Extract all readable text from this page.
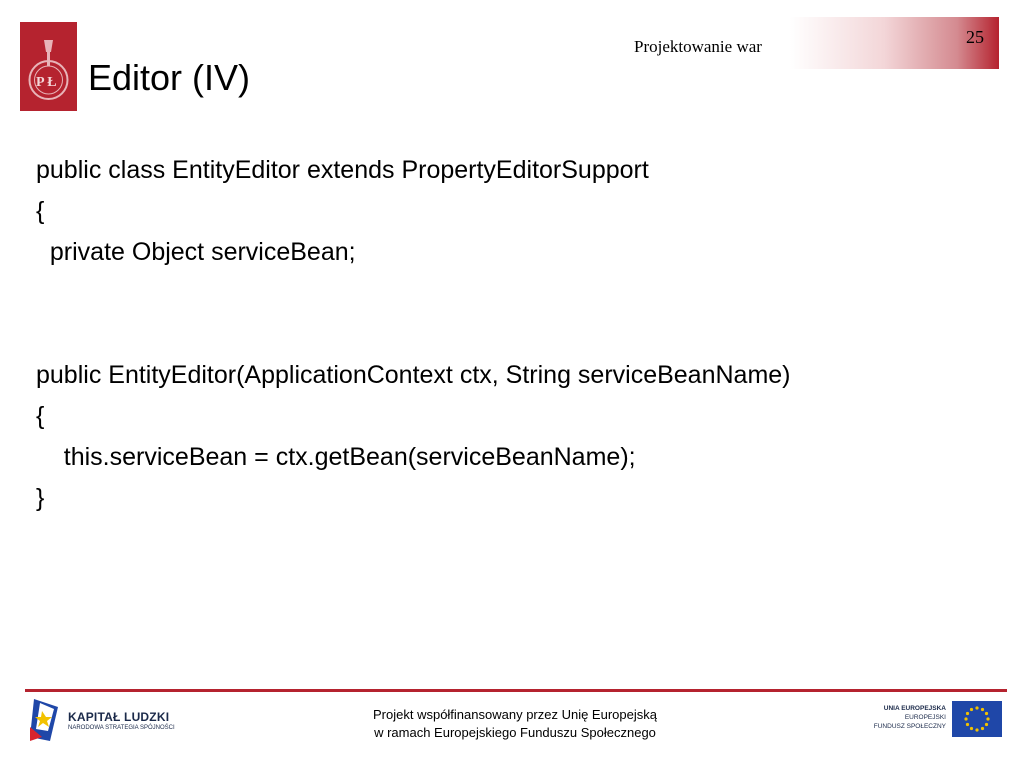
P Ł Editor (IV)
25
Projektowanie war
public class EntityEditor extends PropertyEditorSupport
{
private Object serviceBean;
public EntityEditor(ApplicationContext ctx, String serviceBeanName)
{
this.serviceBean = ctx.getBean(serviceBeanName);
}
KAPITAŁ LUDZKI
NARODOWA STRATEGIA SPÓJNOŚCI
Projekt współfinansowany przez Unię Europejską
w ramach Europejskiego Funduszu Społecznego
UNIA EUROPEJSKA
EUROPEJSKI
FUNDUSZ SPOŁECZNY
